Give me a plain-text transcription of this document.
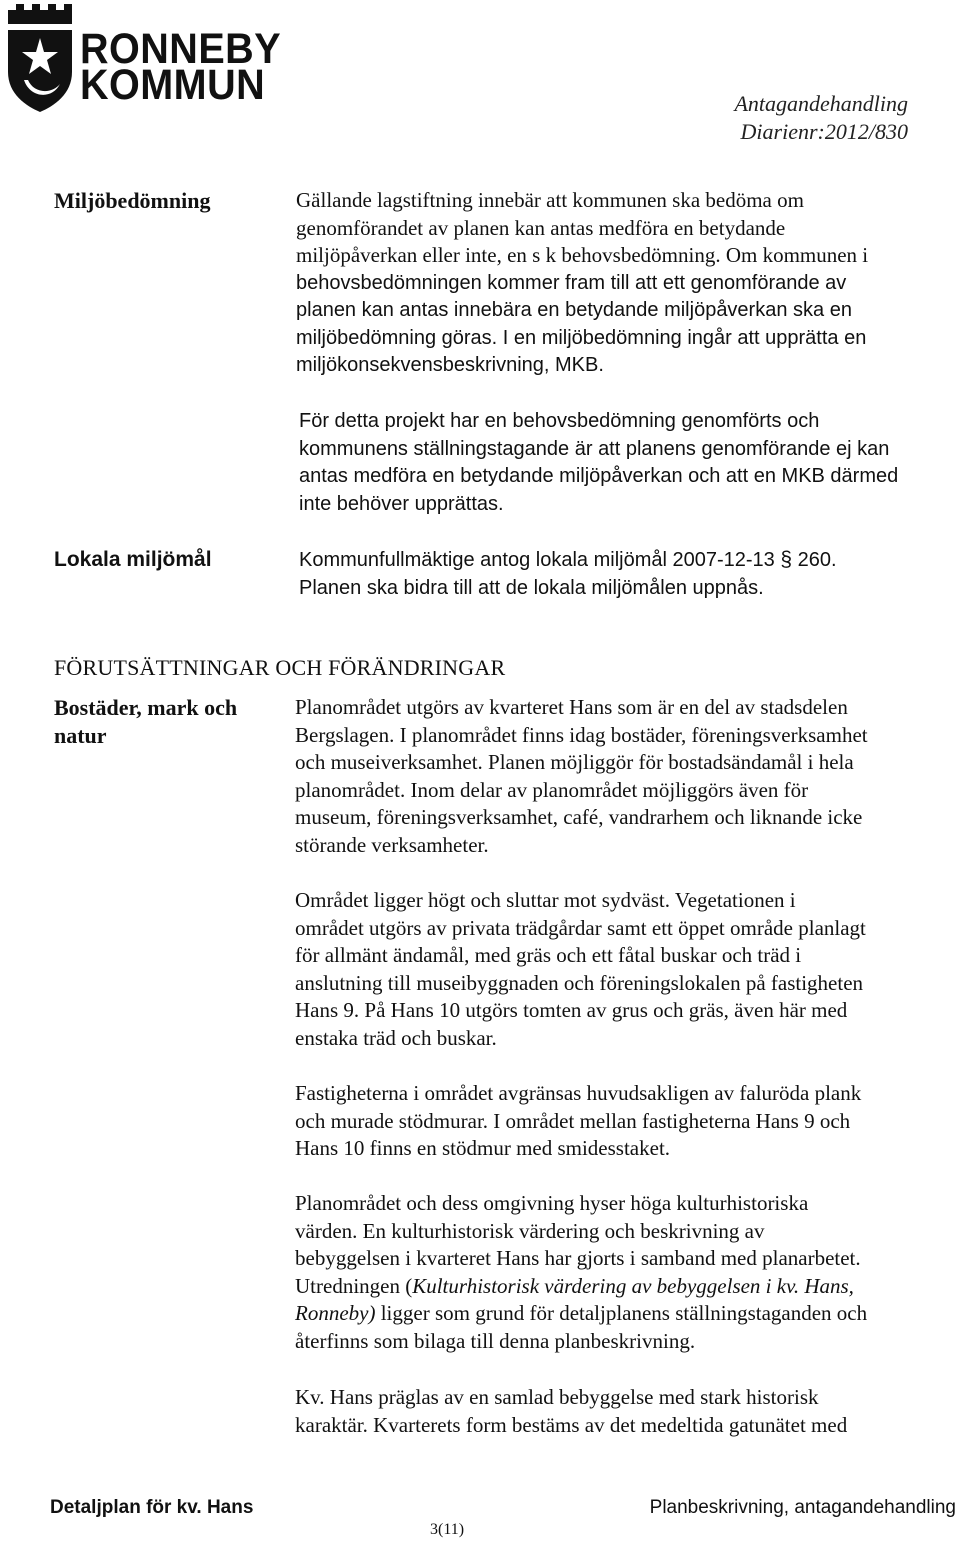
RONNEBY
KOMMUN	Antagandehandling
Diarienr:2012/830
Miljöbedömning	Gällande lagstiftning innebär att kommunen ska bedöma om

genomförandet av planen kan antas medföra en betydande

miljöpåverkan eller inte, en s k behovsbedömning. Om kommunen i

behovsbedömningen kommer fram till att ett genomförande av

planen kan antas innebära en betydande miljöpåverkan ska en

miljöbedömning göras. I en miljöbedömning ingår att upprätta en

miljökonsekvensbeskrivning, MKB.

För detta projekt har en behovsbedömning genomförts och

kommunens ställningstagande är att planens genomförande ej kan

antas medföra en betydande miljöpåverkan och att en MKB därmed

inte behöver upprättas.

Lokala miljömål	Kommunfullmäktige antog lokala miljömål 2007-12-13 § 260.

Planen ska bidra till att de lokala miljömålen uppnås.

FÖRUTSÄTTNINGAR OCH FÖRÄNDRINGAR
Bostäder, mark och
natur

Planområdet utgörs av kvarteret Hans som är en del av stadsdelen

Bergslagen. I planområdet finns idag bostäder, föreningsverksamhet

och museiverksamhet. Planen möjliggör för bostadsändamål i hela

planområdet. Inom delar av planområdet möjliggörs även för

museum, föreningsverksamhet, café, vandrarhem och liknande icke

störande verksamheter.

Området ligger högt och sluttar mot sydväst. Vegetationen i

området utgörs av privata trädgårdar samt ett öppet område planlagt

för allmänt ändamål, med gräs och ett fåtal buskar och träd i

anslutning till museibyggnaden och föreningslokalen på fastigheten

Hans 9. På Hans 10 utgörs tomten av grus och gräs, även här med

enstaka träd och buskar.

Fastigheterna i området avgränsas huvudsakligen av faluröda plank

och murade stödmurar. I området mellan fastigheterna Hans 9 och

Hans 10 finns en stödmur med smidesstaket.

Planområdet och dess omgivning hyser höga kulturhistoriska

värden. En kulturhistorisk värdering och beskrivning av

bebyggelsen i kvarteret Hans har gjorts i samband med planarbetet.

Utredningen (Kulturhistorisk värdering av bebyggelsen i kv. Hans,

Ronneby) ligger som grund för detaljplanens ställningstaganden och

återfinns som bilaga till denna planbeskrivning.

Kv. Hans präglas av en samlad bebyggelse med stark historisk

karaktär. Kvarterets form bestäms av det medeltida gatunätet med

Detaljplan för kv. Hans	Planbeskrivning, antagandehandling
3(11)
